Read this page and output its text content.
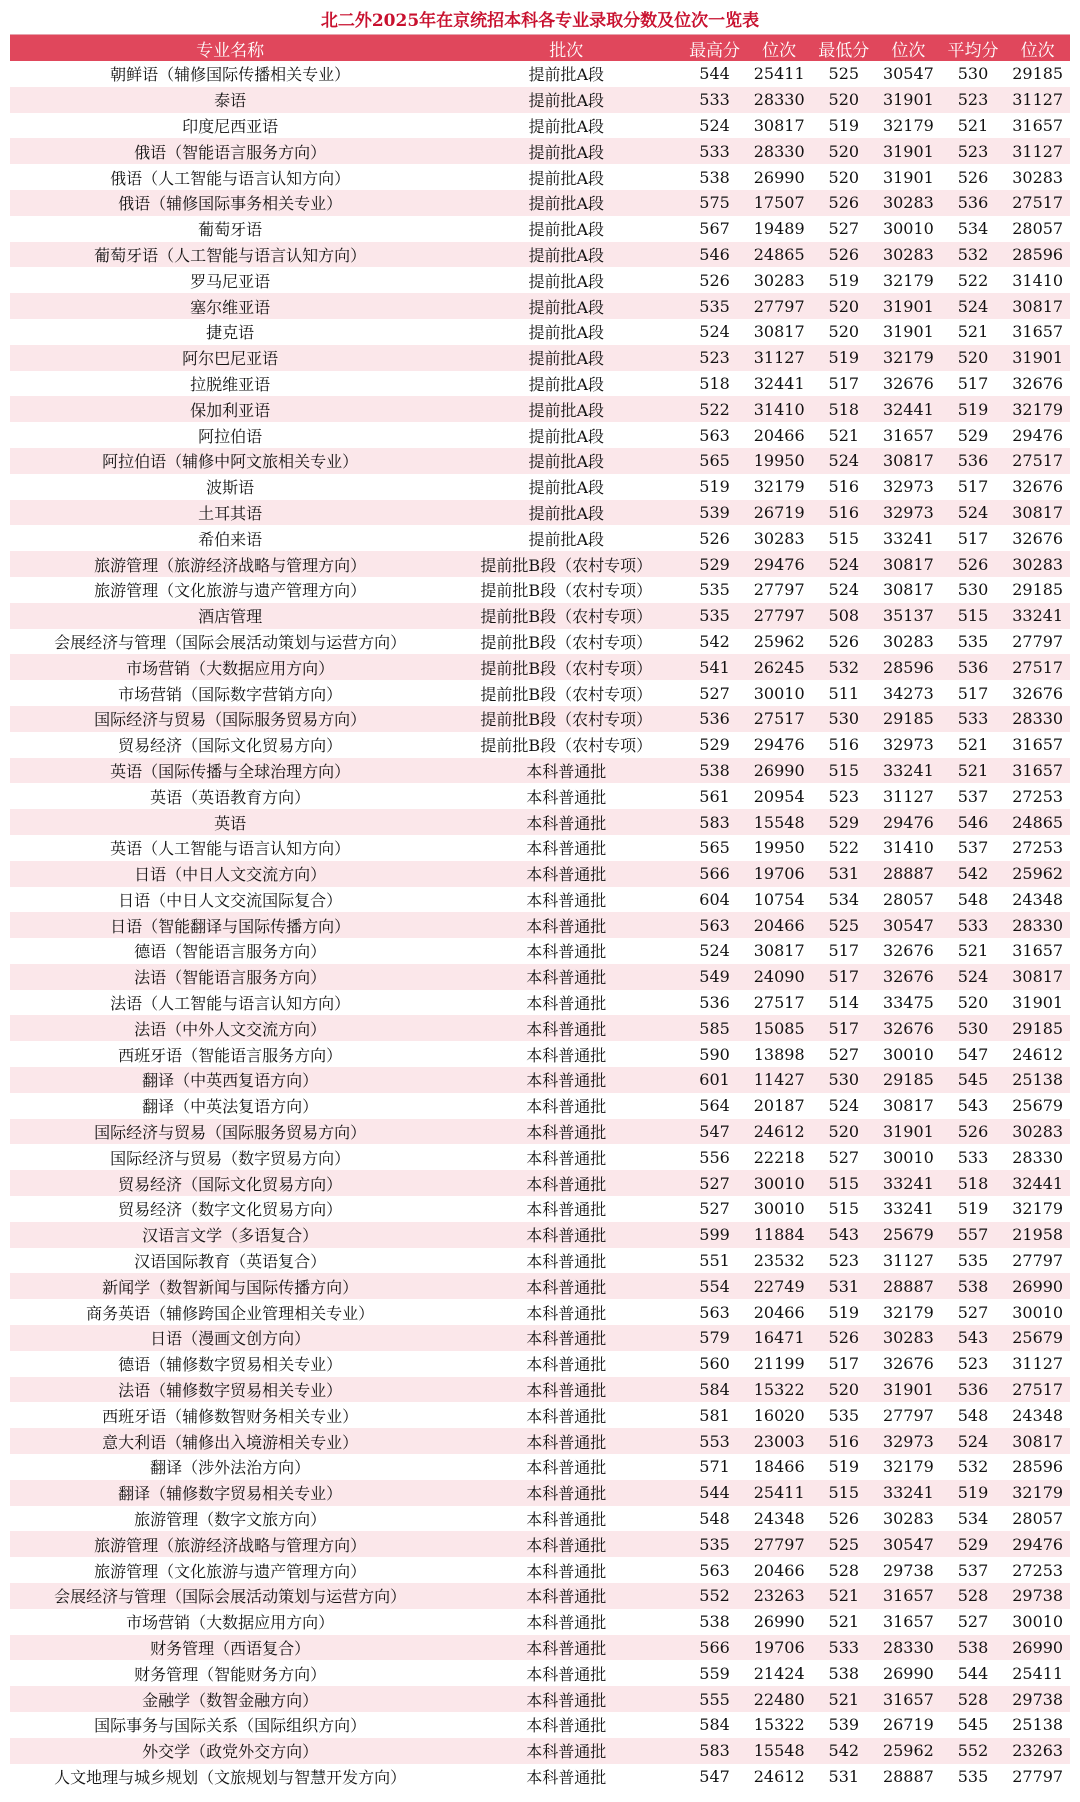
北二外2025年在京统招本科各专业录取分数及位次一览表
专业名称	批次	最高分	位次	最低分	位次	平均分	位次
朝鲜语（辅修国际传播相关专业）	提前批A段	544	25411	525	30547	530	29185
泰语	提前批A段	533	28330	520	31901	523	31127
印度尼西亚语	提前批A段	524	30817	519	32179	521	31657
俄语（智能语言服务方向）	提前批A段	533	28330	520	31901	523	31127
俄语（人工智能与语言认知方向）	提前批A段	538	26990	520	31901	526	30283
俄语（辅修国际事务相关专业）	提前批A段	575	17507	526	30283	536	27517
葡萄牙语	提前批A段	567	19489	527	30010	534	28057
葡萄牙语（人工智能与语言认知方向）	提前批A段	546	24865	526	30283	532	28596
罗马尼亚语	提前批A段	526	30283	519	32179	522	31410
塞尔维亚语	提前批A段	535	27797	520	31901	524	30817
捷克语	提前批A段	524	30817	520	31901	521	31657
阿尔巴尼亚语	提前批A段	523	31127	519	32179	520	31901
拉脱维亚语	提前批A段	518	32441	517	32676	517	32676
保加利亚语	提前批A段	522	31410	518	32441	519	32179
阿拉伯语	提前批A段	563	20466	521	31657	529	29476
阿拉伯语（辅修中阿文旅相关专业）	提前批A段	565	19950	524	30817	536	27517
波斯语	提前批A段	519	32179	516	32973	517	32676
土耳其语	提前批A段	539	26719	516	32973	524	30817
希伯来语	提前批A段	526	30283	515	33241	517	32676
旅游管理（旅游经济战略与管理方向）	提前批B段（农村专项）	529	29476	524	30817	526	30283
旅游管理（文化旅游与遗产管理方向）	提前批B段（农村专项）	535	27797	524	30817	530	29185
酒店管理	提前批B段（农村专项）	535	27797	508	35137	515	33241
会展经济与管理（国际会展活动策划与运营方向）	提前批B段（农村专项）	542	25962	526	30283	535	27797
市场营销（大数据应用方向）	提前批B段（农村专项）	541	26245	532	28596	536	27517
市场营销（国际数字营销方向）	提前批B段（农村专项）	527	30010	511	34273	517	32676
国际经济与贸易（国际服务贸易方向）	提前批B段（农村专项）	536	27517	530	29185	533	28330
贸易经济（国际文化贸易方向）	提前批B段（农村专项）	529	29476	516	32973	521	31657
英语（国际传播与全球治理方向）	本科普通批	538	26990	515	33241	521	31657
英语（英语教育方向）	本科普通批	561	20954	523	31127	537	27253
英语	本科普通批	583	15548	529	29476	546	24865
英语（人工智能与语言认知方向）	本科普通批	565	19950	522	31410	537	27253
日语（中日人文交流方向）	本科普通批	566	19706	531	28887	542	25962
日语（中日人文交流国际复合）	本科普通批	604	10754	534	28057	548	24348
日语（智能翻译与国际传播方向）	本科普通批	563	20466	525	30547	533	28330
德语（智能语言服务方向）	本科普通批	524	30817	517	32676	521	31657
法语（智能语言服务方向）	本科普通批	549	24090	517	32676	524	30817
法语（人工智能与语言认知方向）	本科普通批	536	27517	514	33475	520	31901
法语（中外人文交流方向）	本科普通批	585	15085	517	32676	530	29185
西班牙语（智能语言服务方向）	本科普通批	590	13898	527	30010	547	24612
翻译（中英西复语方向）	本科普通批	601	11427	530	29185	545	25138
翻译（中英法复语方向）	本科普通批	564	20187	524	30817	543	25679
国际经济与贸易（国际服务贸易方向）	本科普通批	547	24612	520	31901	526	30283
国际经济与贸易（数字贸易方向）	本科普通批	556	22218	527	30010	533	28330
贸易经济（国际文化贸易方向）	本科普通批	527	30010	515	33241	518	32441
贸易经济（数字文化贸易方向）	本科普通批	527	30010	515	33241	519	32179
汉语言文学（多语复合）	本科普通批	599	11884	543	25679	557	21958
汉语国际教育（英语复合）	本科普通批	551	23532	523	31127	535	27797
新闻学（数智新闻与国际传播方向）	本科普通批	554	22749	531	28887	538	26990
商务英语（辅修跨国企业管理相关专业）	本科普通批	563	20466	519	32179	527	30010
日语（漫画文创方向）	本科普通批	579	16471	526	30283	543	25679
德语（辅修数字贸易相关专业）	本科普通批	560	21199	517	32676	523	31127
法语（辅修数字贸易相关专业）	本科普通批	584	15322	520	31901	536	27517
西班牙语（辅修数智财务相关专业）	本科普通批	581	16020	535	27797	548	24348
意大利语（辅修出入境游相关专业）	本科普通批	553	23003	516	32973	524	30817
翻译（涉外法治方向）	本科普通批	571	18466	519	32179	532	28596
翻译（辅修数字贸易相关专业）	本科普通批	544	25411	515	33241	519	32179
旅游管理（数字文旅方向）	本科普通批	548	24348	526	30283	534	28057
旅游管理（旅游经济战略与管理方向）	本科普通批	535	27797	525	30547	529	29476
旅游管理（文化旅游与遗产管理方向）	本科普通批	563	20466	528	29738	537	27253
会展经济与管理（国际会展活动策划与运营方向）	本科普通批	552	23263	521	31657	528	29738
市场营销（大数据应用方向）	本科普通批	538	26990	521	31657	527	30010
财务管理（西语复合）	本科普通批	566	19706	533	28330	538	26990
财务管理（智能财务方向）	本科普通批	559	21424	538	26990	544	25411
金融学（数智金融方向）	本科普通批	555	22480	521	31657	528	29738
国际事务与国际关系（国际组织方向）	本科普通批	584	15322	539	26719	545	25138
外交学（政党外交方向）	本科普通批	583	15548	542	25962	552	23263
人文地理与城乡规划（文旅规划与智慧开发方向）	本科普通批	547	24612	531	28887	535	27797
